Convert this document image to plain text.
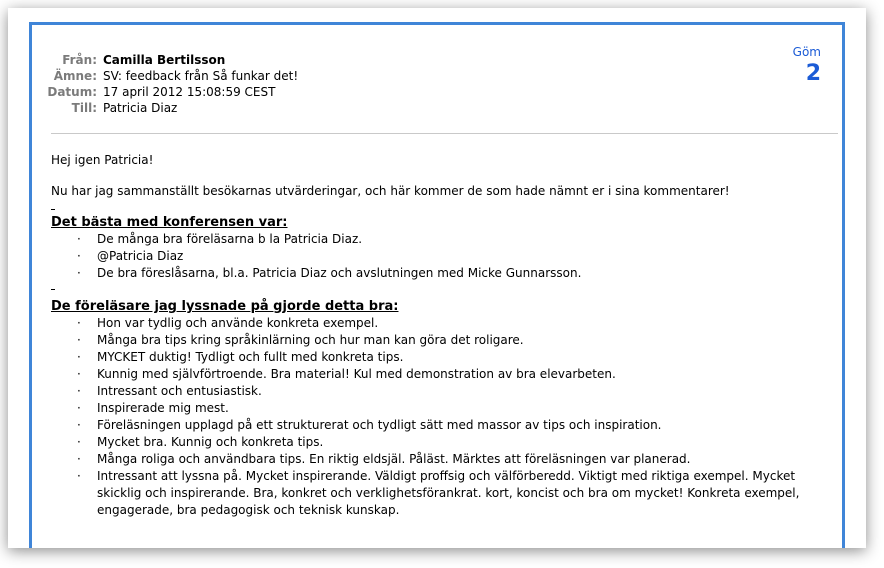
Från: Camilla Bertilsson
Ämne: SV: feedback från Så funkar det!
Datum: 17 april 2012 15:08:59 CEST
Till: Patricia Diaz
Göm
2
Hej igen Patricia!
Nu har jag sammanställt besökarnas utvärderingar, och här kommer de som hade nämnt er i sina kommentarer!
Det bästa med konferensen var:
· De många bra föreläsarna b la Patricia Diaz.
· @Patricia Diaz
· De bra föreslåsarna, bl.a. Patricia Diaz och avslutningen med Micke Gunnarsson.
De föreläsare jag lyssnade på gjorde detta bra:
· Hon var tydlig och använde konkreta exempel.
· Många bra tips kring språkinlärning och hur man kan göra det roligare.
· MYCKET duktig! Tydligt och fullt med konkreta tips.
· Kunnig med självförtroende. Bra material! Kul med demonstration av bra elevarbeten.
· Intressant och entusiastisk.
· Inspirerade mig mest.
· Föreläsningen upplagd på ett strukturerat och tydligt sätt med massor av tips och inspiration.
· Mycket bra. Kunnig och konkreta tips.
· Många roliga och användbara tips. En riktig eldsjäl. Påläst. Märktes att föreläsningen var planerad.
· Intressant att lyssna på. Mycket inspirerande. Väldigt proffsig och välförberedd. Viktigt med riktiga exempel. Mycket skicklig och inspirerande. Bra, konkret och verklighetsförankrat. kort, koncist och bra om mycket! Konkreta exempel, engagerade, bra pedagogisk och teknisk kunskap.
